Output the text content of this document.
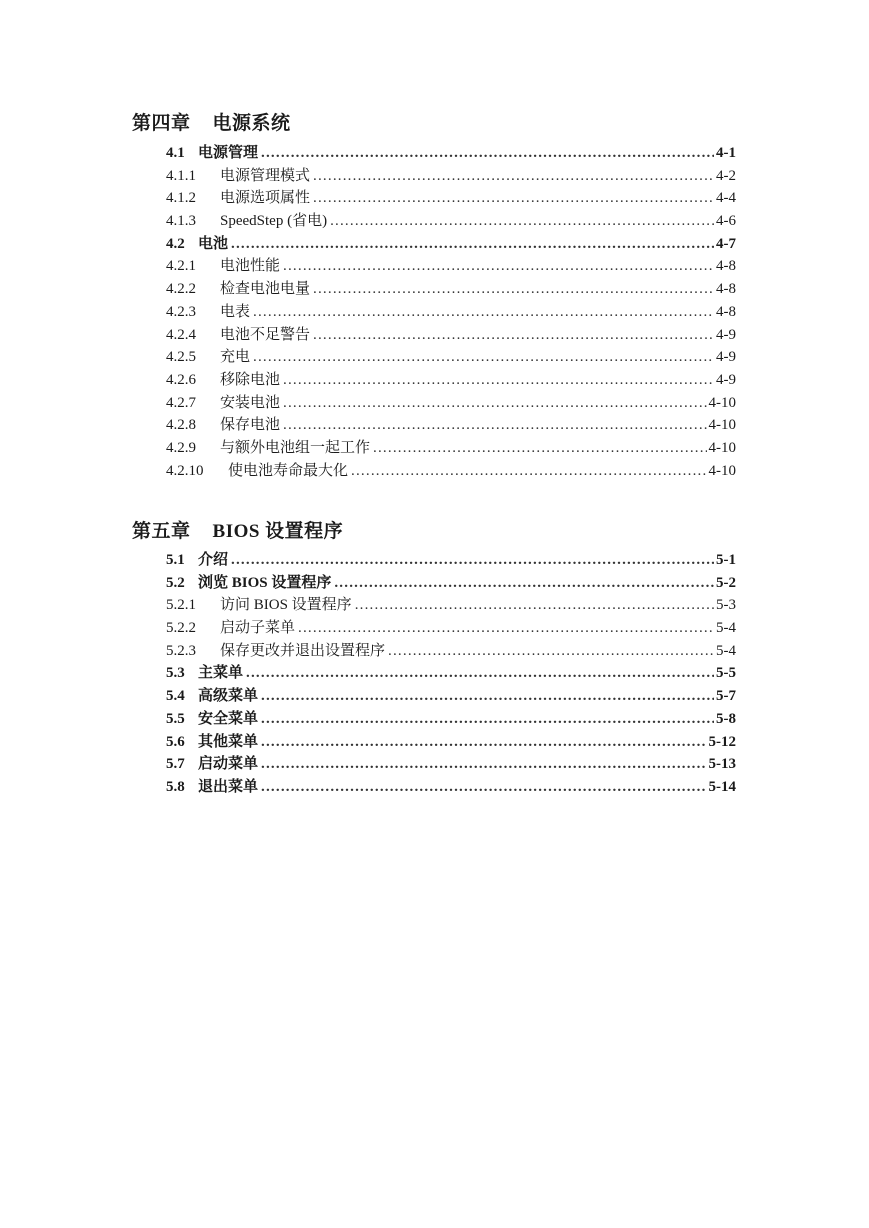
第四章 电源系统
4.1 电源管理 .....	4-1
4.1.1	电源管理模式 .....	4-2
4.1.2	电源选项属性 .....	4-4
4.1.3	SpeedStep (省电) .....	4-6
4.2 电池 .....	4-7
4.2.1	电池性能 .....	4-8
4.2.2	检查电池电量 .....	4-8
4.2.3	电表 .....	4-8
4.2.4	电池不足警告 .....	4-9
4.2.5	充电 .....	4-9
4.2.6	移除电池 .....	4-9
4.2.7	安装电池 .....	4-10
4.2.8	保存电池 .....	4-10
4.2.9	与额外电池组一起工作 .....	4-10
4.2.10	使电池寿命最大化 .....	4-10
第五章 BIOS 设置程序
5.1 介绍 .....	5-1
5.2 浏览 BIOS 设置程序 .....	5-2
5.2.1	访问 BIOS 设置程序 .....	5-3
5.2.2	启动子菜单 .....	5-4
5.2.3	保存更改并退出设置程序 .....	5-4
5.3 主菜单 .....	5-5
5.4 高级菜单 .....	5-7
5.5 安全菜单 .....	5-8
5.6 其他菜单 .....	5-12
5.7 启动菜单 .....	5-13
5.8 退出菜单 .....	5-14
